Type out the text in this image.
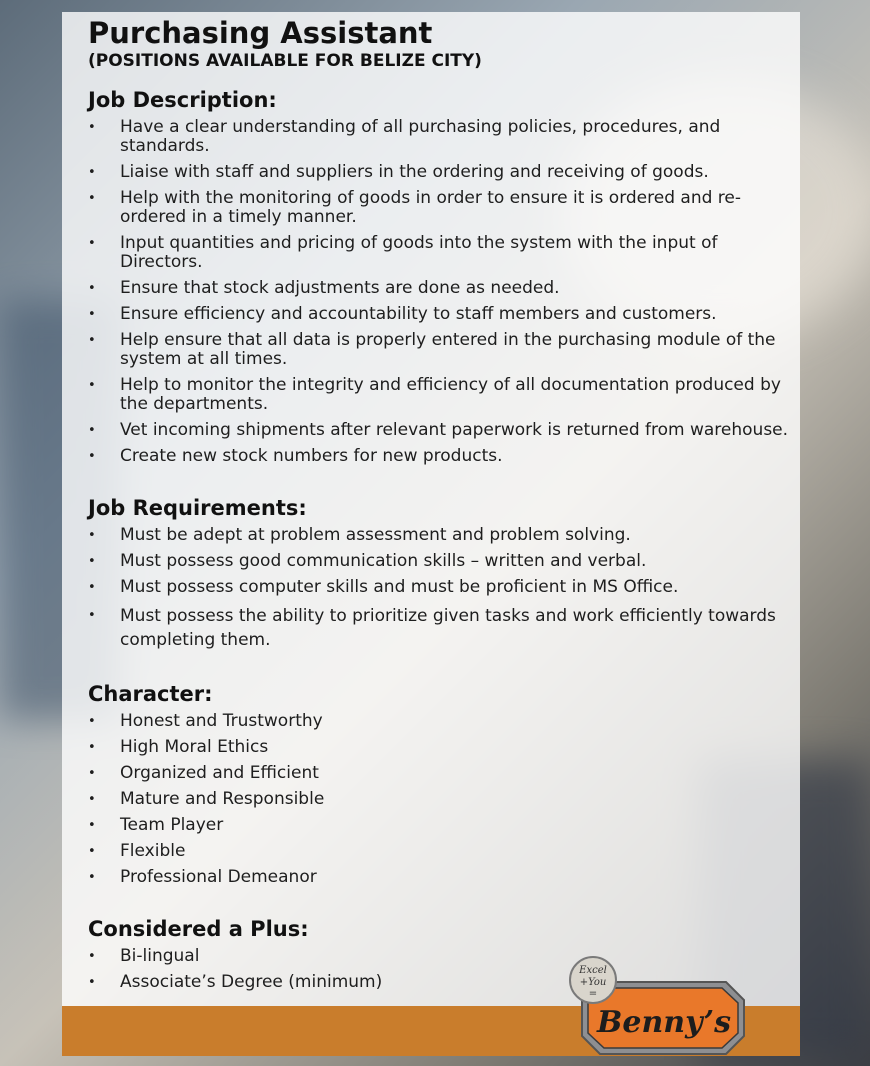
Purchasing Assistant
(POSITIONS AVAILABLE FOR BELIZE CITY)
Job Description:
• Have a clear understanding of all purchasing policies, procedures, and standards.
• Liaise with staff and suppliers in the ordering and receiving of goods.
• Help with the monitoring of goods in order to ensure it is ordered and re-ordered in a timely manner.
• Input quantities and pricing of goods into the system with the input of Directors.
• Ensure that stock adjustments are done as needed.
• Ensure efficiency and accountability to staff members and customers.
• Help ensure that all data is properly entered in the purchasing module of the system at all times.
• Help to monitor the integrity and efficiency of all documentation produced by the departments.
• Vet incoming shipments after relevant paperwork is returned from warehouse.
• Create new stock numbers for new products.
Job Requirements:
• Must be adept at problem assessment and problem solving.
• Must possess good communication skills – written and verbal.
• Must possess computer skills and must be proficient in MS Office.
• Must possess the ability to prioritize given tasks and work efficiently towards completing them.
Character:
• Honest and Trustworthy
• High Moral Ethics
• Organized and Efficient
• Mature and Responsible
• Team Player
• Flexible
• Professional Demeanor
Considered a Plus:
• Bi-lingual
• Associate’s Degree (minimum)
Benny’s
Excel
+You
=
